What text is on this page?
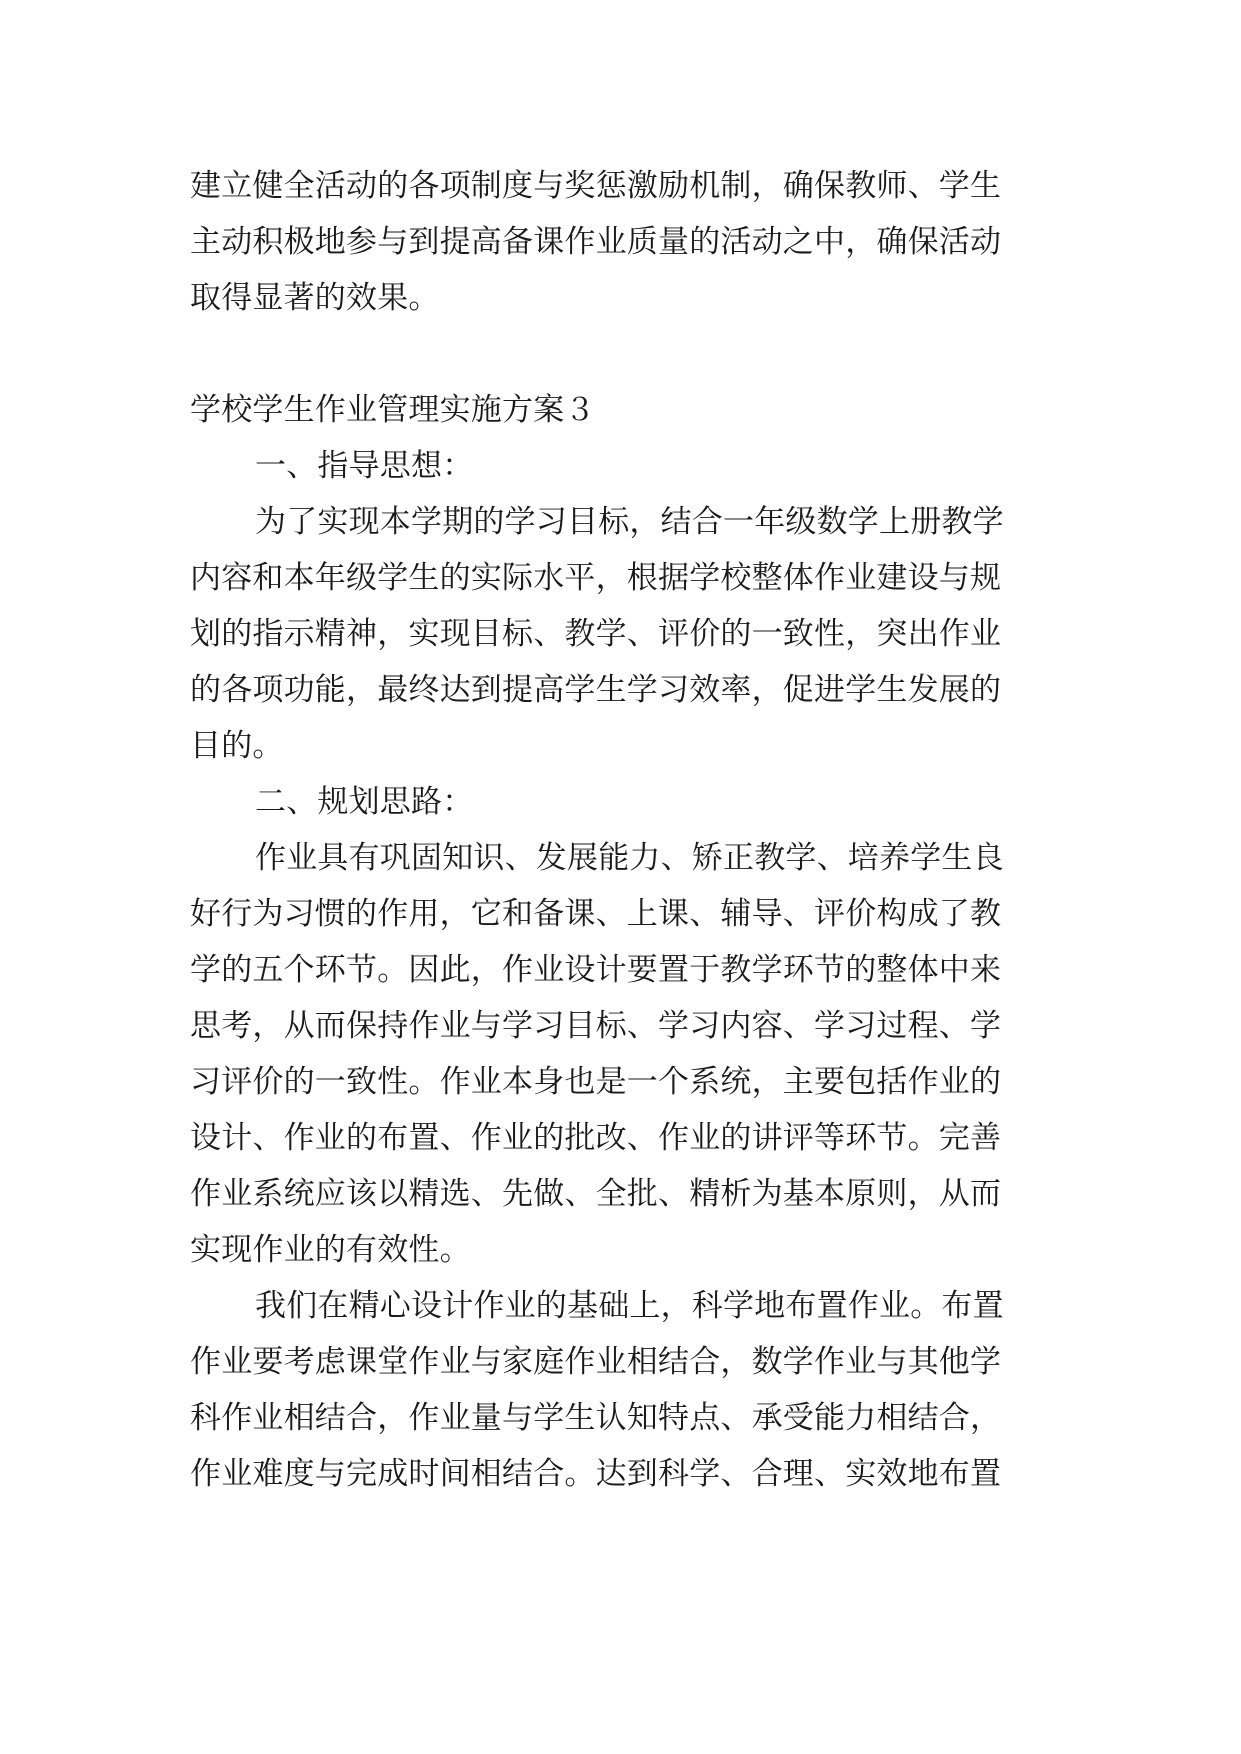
建立健全活动的各项制度与奖惩激励机制，确保教师、学生
主动积极地参与到提高备课作业质量的活动之中，确保活动
取得显著的效果。
学校学生作业管理实施方案３
一、指导思想：
为了实现本学期的学习目标，结合一年级数学上册教学
内容和本年级学生的实际水平，根据学校整体作业建设与规
划的指示精神，实现目标、教学、评价的一致性，突出作业
的各项功能，最终达到提高学生学习效率，促进学生发展的
目的。
二、规划思路：
作业具有巩固知识、发展能力、矫正教学、培养学生良
好行为习惯的作用，它和备课、上课、辅导、评价构成了教
学的五个环节。因此，作业设计要置于教学环节的整体中来
思考，从而保持作业与学习目标、学习内容、学习过程、学
习评价的一致性。作业本身也是一个系统，主要包括作业的
设计、作业的布置、作业的批改、作业的讲评等环节。完善
作业系统应该以精选、先做、全批、精析为基本原则，从而
实现作业的有效性。
我们在精心设计作业的基础上，科学地布置作业。布置
作业要考虑课堂作业与家庭作业相结合，数学作业与其他学
科作业相结合，作业量与学生认知特点、承受能力相结合，
作业难度与完成时间相结合。达到科学、合理、实效地布置
